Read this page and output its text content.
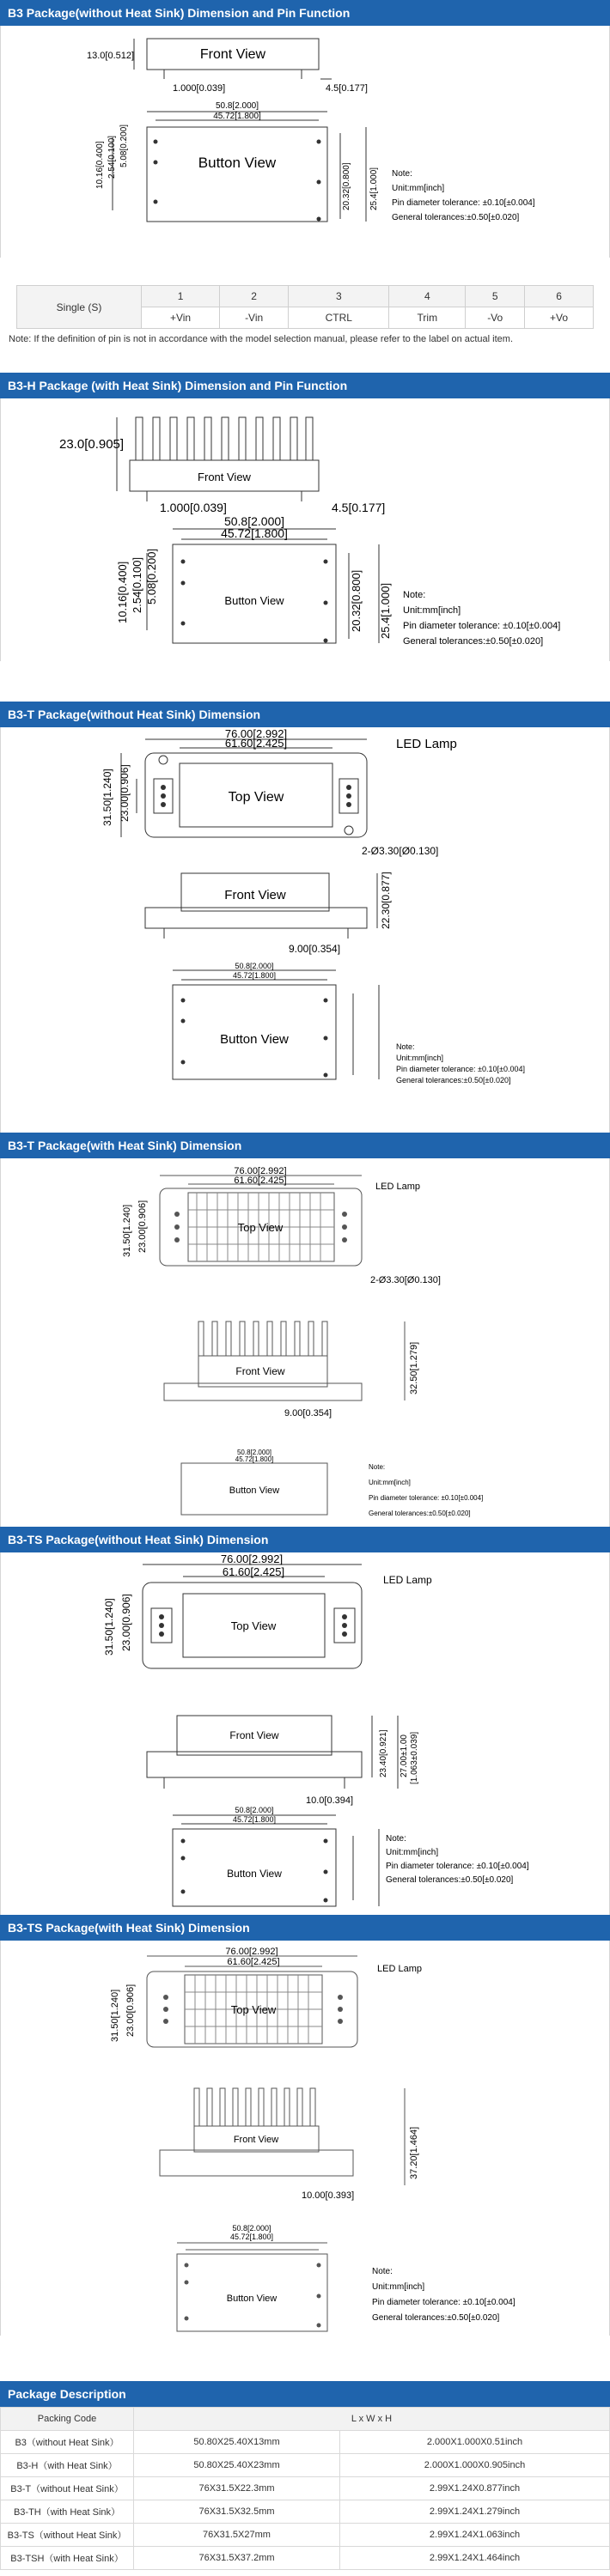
B3 Package(without Heat Sink) Dimension and Pin Function
Front View
13.0[0.512]
1.000[0.039]	4.5[0.177]
Button View
50.8[2.000]
45.72[1.800]
10.16[0.400] 2.54[0.100] 5.08[0.200]
20.32[0.800] 25.4[1.000] Note:
Unit:mm[inch]
Pin diameter tolerance: ±0.10[±0.004]
General tolerances:±0.50[±0.020]
Single (S)	1	2	3	4	5	6
	+Vin	-Vin	CTRL	Trim	-Vo	+Vo
Note: If the definition of pin is not in accordance with the model selection manual, please refer to the label on actual item.
B3-H Package (with Heat Sink) Dimension and Pin Function
Front View
23.0[0.905]
1.000[0.039]	4.5[0.177]
50.8[2.000]
45.72[1.800]
Button View
10.16[0.400] 2.54[0.100] 5.08[0.200]	20.32[0.800] 25.4[1.000] Note:
Unit:mm[inch]
Pin diameter tolerance: ±0.10[±0.004]
General tolerances:±0.50[±0.020]
B3-T Package(without Heat Sink) Dimension
76.00[2.992]
61.60[2.425]	LED Lamp
Top View
31.50[1.240] 23.00[0.906]
2-Ø3.30[Ø0.130]
Front View	22.30[0.877]
9.00[0.354]
50.8[2.000]
45.72[1.800]
Button View	Note:
Unit:mm[inch]
Pin diameter tolerance: ±0.10[±0.004]
General tolerances:±0.50[±0.020]
B3-T Package(with Heat Sink) Dimension
76.00[2.992]
61.60[2.425]
LED Lamp
Top View
31.50[1.240] 23.00[0.906]
2-Ø3.30[Ø0.130]
Front View	32.50[1.279]
9.00[0.354]
50.8[2.000]
45.72[1.800]
Button View
Note:
Unit:mm[inch]
Pin diameter tolerance: ±0.10[±0.004]
General tolerances:±0.50[±0.020]
B3-TS Package(without Heat Sink) Dimension
76.00[2.992]
61.60[2.425]
LED Lamp
Top View
31.50[1.240] 23.00[0.906]
Front View	23.40[0.921] 27.00±1.00 [1.063±0.039]
10.0[0.394]
50.8[2.000]
45.72[1.800]
Button View
Note:
Unit:mm[inch]
Pin diameter tolerance: ±0.10[±0.004]
General tolerances:±0.50[±0.020]
B3-TS Package(with Heat Sink) Dimension
76.00[2.992]
61.60[2.425]
LED Lamp
Top View
31.50[1.240] 23.00[0.906]
Front View	37.20[1.464]
10.00[0.393]
50.8[2.000]
45.72[1.800]
Button View
Note:
Unit:mm[inch]
Pin diameter tolerance: ±0.10[±0.004]
General tolerances:±0.50[±0.020]
Package Description
Packing Code	L x W x H	
B3（without Heat Sink）	50.80X25.40X13mm	2.000X1.000X0.51inch
B3-H（with Heat Sink）	50.80X25.40X23mm	2.000X1.000X0.905inch
B3-T（without Heat Sink）	76X31.5X22.3mm	2.99X1.24X0.877inch
B3-TH（with Heat Sink）	76X31.5X32.5mm	2.99X1.24X1.279inch
B3-TS（without Heat Sink）	76X31.5X27mm	2.99X1.24X1.063inch
B3-TSH（with Heat Sink）	76X31.5X37.2mm	2.99X1.24X1.464inch
